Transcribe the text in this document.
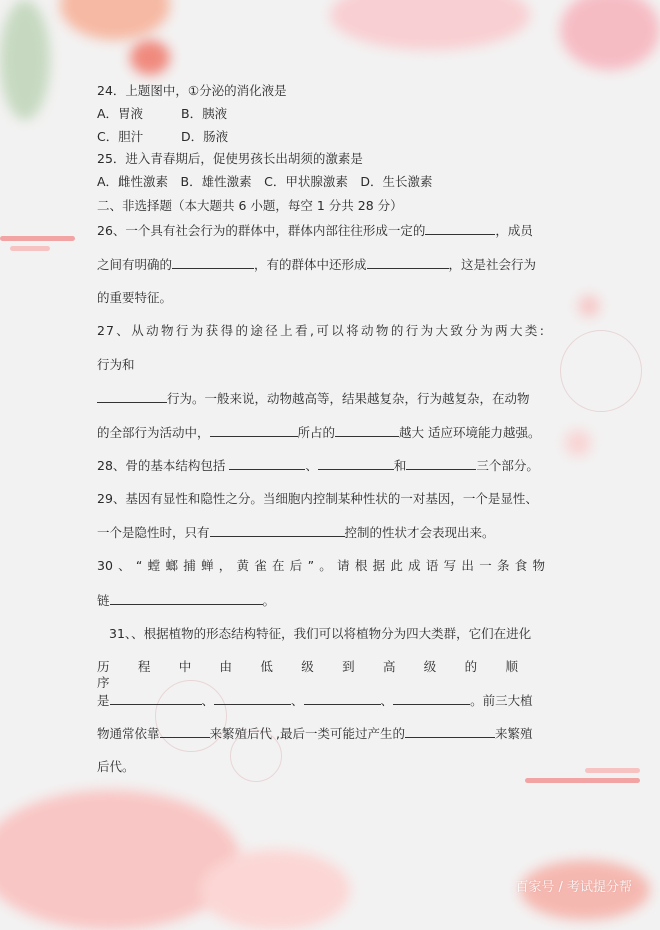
24．上题图中，①分泌的消化液是
A．胃液	B．胰液
C．胆汁	D．肠液
25．进入青春期后，促使男孩长出胡须的激素是
A．雌性激素　B．雄性激素　C．甲状腺激素　D．生长激素
二、非选择题（本大题共 6 小题，每空 1 分共 28 分）
26、一个具有社会行为的群体中，群体内部往往形成一定的	，成员
之间有明确的	，有的群体中还形成	，这是社会行为
的重要特征。
27、从动物行为获得的途径上看,可以将动物的行为大致分为两大类:
行为和
行为。一般来说，动物越高等，结果越复杂，行为越复杂，在动物
的全部行为活动中，	所占的	越大 适应环境能力越强。
28、骨的基本结构包括	、	和	三个部分。
29、基因有显性和隐性之分。当细胞内控制某种性状的一对基因，一个是显性、
一个是隐性时，只有	控制的性状才会表现出来。
30、“螳螂捕蝉，黄雀在后”。请根据此成语写出一条食物
链	。
31、、根据植物的形态结构特征，我们可以将植物分为四大类群，它们在进化
历程中由低级到高级的顺序
是	、	、	、	。前三大植
物通常依靠	来繁殖后代 ,最后一类可能过产生的	来繁殖
后代。
百家号 / 考试提分帮
